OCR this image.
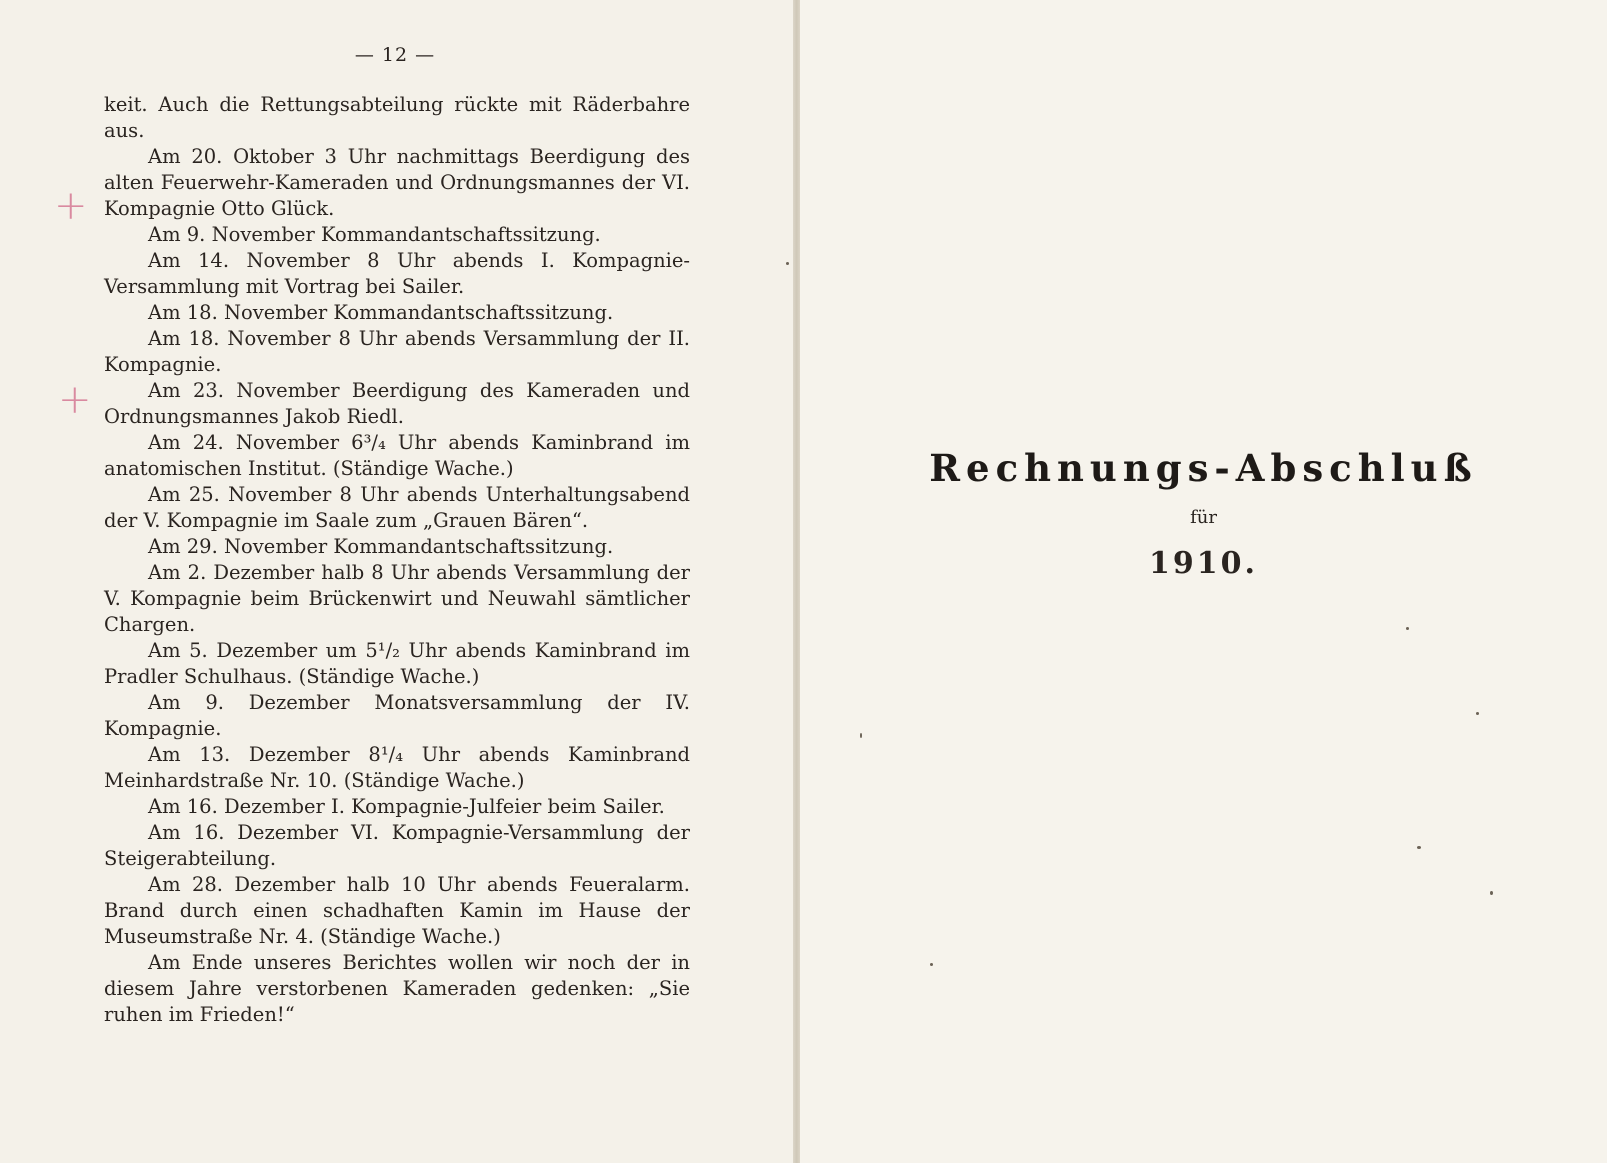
— 12 —
+
+

keit. Auch die Rettungsabteilung rückte mit Räderbahre aus.

Am 20. Oktober 3 Uhr nachmittags Beerdigung des alten Feuerwehr-Kameraden und Ordnungsmannes der VI. Kompagnie Otto Glück.

Am 9. November Kommandantschaftssitzung.

Am 14. November 8 Uhr abends I. Kompagnie-Versammlung mit Vortrag bei Sailer.

Am 18. November Kommandantschaftssitzung.

Am 18. November 8 Uhr abends Versammlung der II. Kompagnie.

Am 23. November Beerdigung des Kameraden und Ordnungsmannes Jakob Riedl.

Am 24. November 6³/₄ Uhr abends Kaminbrand im anatomischen Institut. (Ständige Wache.)

Am 25. November 8 Uhr abends Unterhaltungsabend der V. Kompagnie im Saale zum „Grauen Bären“.

Am 29. November Kommandantschaftssitzung.

Am 2. Dezember halb 8 Uhr abends Versammlung der V. Kompagnie beim Brückenwirt und Neuwahl sämtlicher Chargen.

Am 5. Dezember um 5¹/₂ Uhr abends Kaminbrand im Pradler Schulhaus. (Ständige Wache.)

Am 9. Dezember Monatsversammlung der IV. Kompagnie.

Am 13. Dezember 8¹/₄ Uhr abends Kaminbrand Meinhardstraße Nr. 10. (Ständige Wache.)

Am 16. Dezember I. Kompagnie-Julfeier beim Sailer.

Am 16. Dezember VI. Kompagnie-Versammlung der Steigerabteilung.

Am 28. Dezember halb 10 Uhr abends Feueralarm. Brand durch einen schadhaften Kamin im Hause der Museumstraße Nr. 4. (Ständige Wache.)

Am Ende unseres Berichtes wollen wir noch der in diesem Jahre verstorbenen Kameraden gedenken: „Sie ruhen im Frieden!“

Rechnungs-Abschluß
für
1910.
